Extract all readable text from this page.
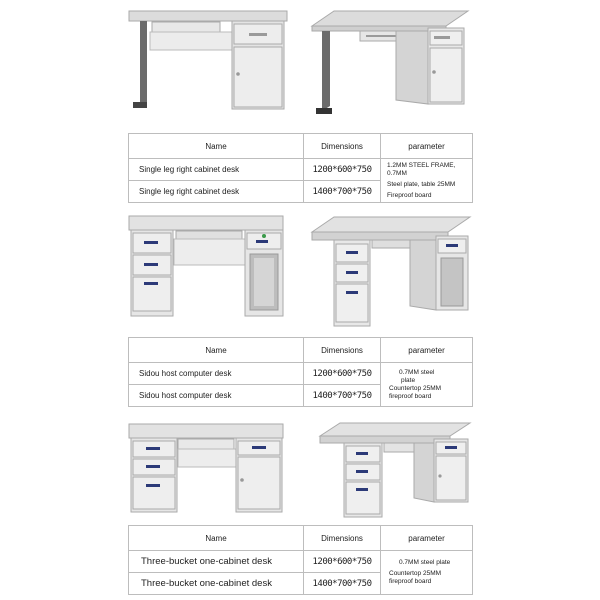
Name	Dimensions	parameter
Single leg right cabinet desk	1200*600*750	1.2MM STEEL FRAME, 0.7MM
Steel plate, table 25MM
Fireproof board

Single leg right cabinet desk	1400*700*750	
Name	Dimensions	parameter
Sidou host computer desk	1200*600*750	0.7MM steel
plate
Countertop 25MM
fireproof board

Sidou host computer desk	1400*700*750	
Name	Dimensions	parameter
Three-bucket one-cabinet desk	1200*600*750	0.7MM steel plate
Countertop 25MM
fireproof board

Three-bucket one-cabinet desk	1400*700*750	
